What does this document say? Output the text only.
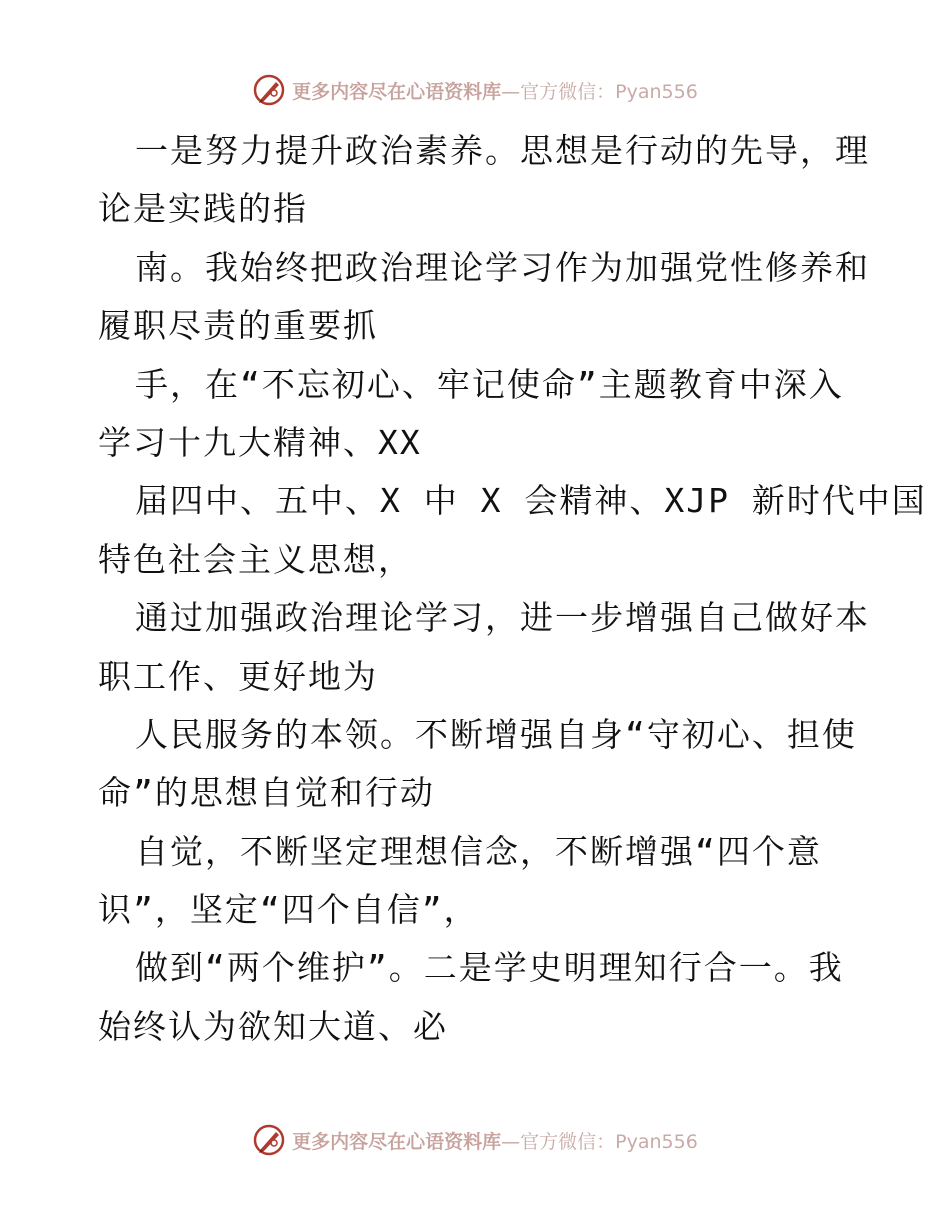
更多内容尽在心语资料库—官方微信：Pyan556
一是努力提升政治素养。思想是行动的先导，理
论是实践的指
南。我始终把政治理论学习作为加强党性修养和
履职尽责的重要抓
手，在“不忘初心、牢记使命”主题教育中深入
学习十九大精神、XX
届四中、五中、X 中 X 会精神、XJP 新时代中国
特色社会主义思想，
通过加强政治理论学习，进一步增强自己做好本
职工作、更好地为
人民服务的本领。不断增强自身“守初心、担使
命”的思想自觉和行动
自觉，不断坚定理想信念，不断增强“四个意
识”，坚定“四个自信”，
做到“两个维护”。二是学史明理知行合一。我
始终认为欲知大道、必
更多内容尽在心语资料库—官方微信：Pyan556
